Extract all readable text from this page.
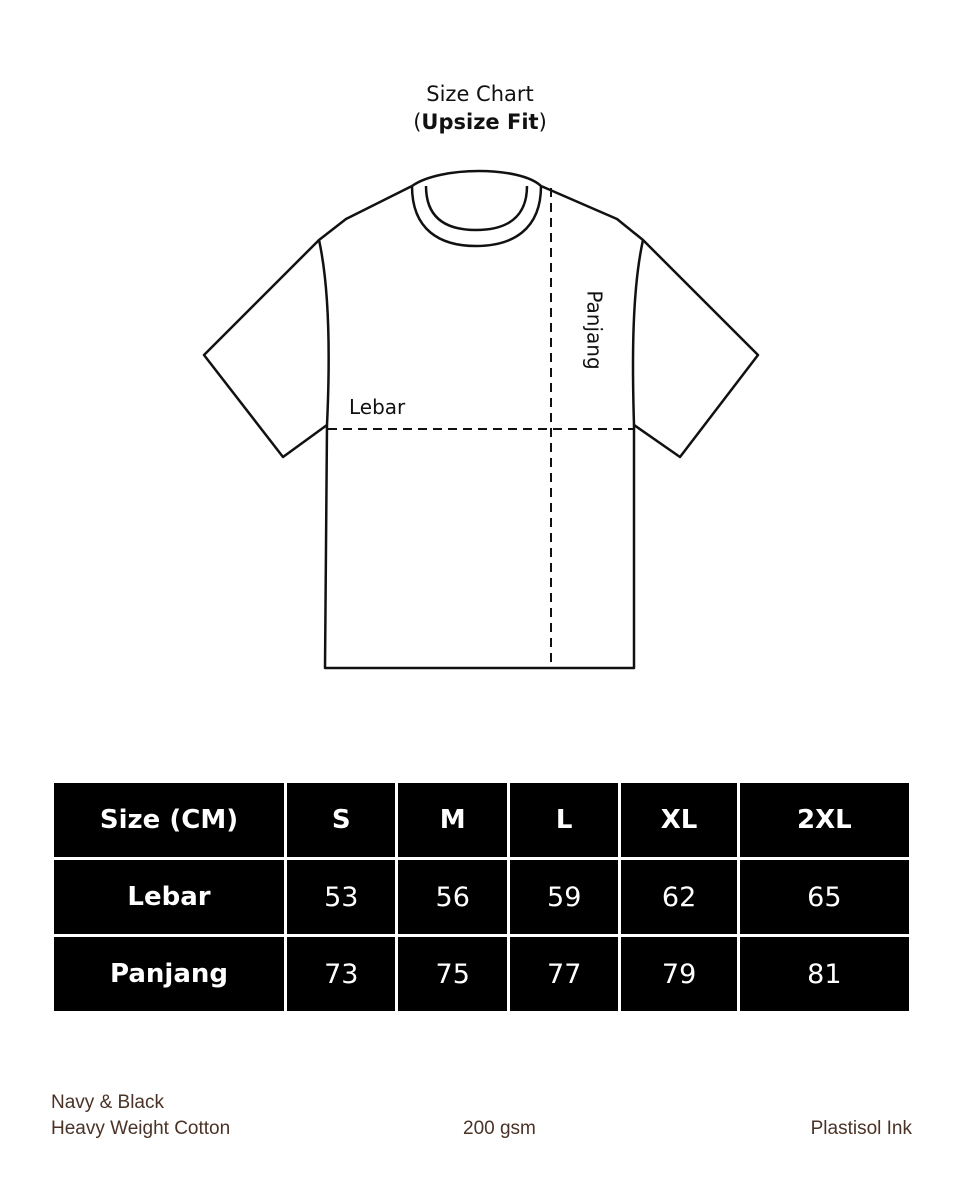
Size Chart
(Upsize Fit)
Lebar
Panjang
Size (CM)	S	M	L	XL	2XL
Lebar	53	56	59	62	65
Panjang	73	75	77	79	81
Navy & Black
Heavy Weight Cotton	200 gsm	Plastisol Ink
